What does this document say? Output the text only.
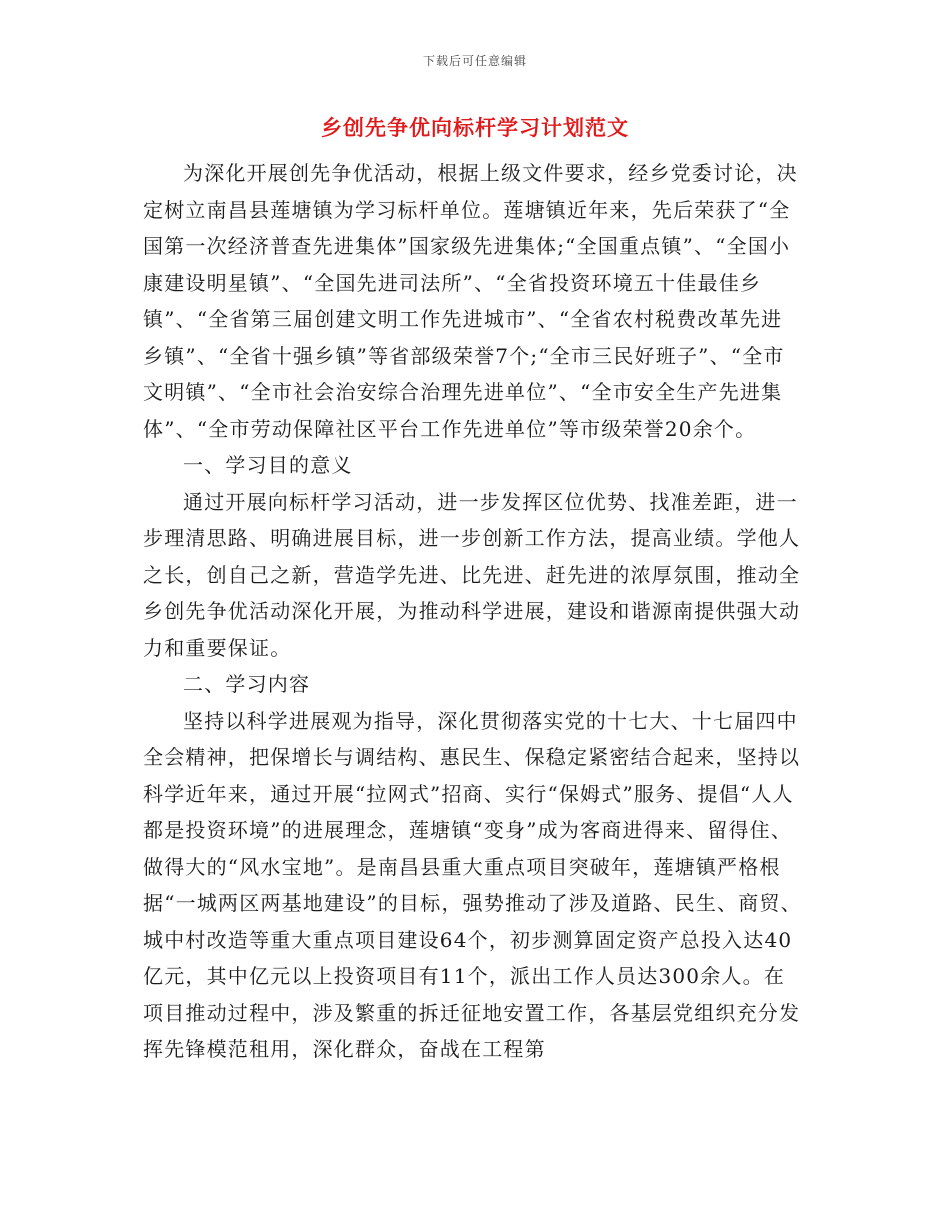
下载后可任意编辑
乡创先争优向标杆学习计划范文

为深化开展创先争优活动，根据上级文件要求，经乡党委讨论，决定树立南昌县莲塘镇为学习标杆单位。莲塘镇近年来，先后荣获了“全国第一次经济普查先进集体”国家级先进集体;“全国重点镇”、“全国小康建设明星镇”、“全国先进司法所”、“全省投资环境五十佳最佳乡镇”、“全省第三届创建文明工作先进城市”、“全省农村税费改革先进乡镇”、“全省十强乡镇”等省部级荣誉7个;“全市三民好班子”、“全市文明镇”、“全市社会治安综合治理先进单位”、“全市安全生产先进集体”、“全市劳动保障社区平台工作先进单位”等市级荣誉20余个。

一、学习目的意义

通过开展向标杆学习活动，进一步发挥区位优势、找准差距，进一步理清思路、明确进展目标，进一步创新工作方法，提高业绩。学他人之长，创自己之新，营造学先进、比先进、赶先进的浓厚氛围，推动全乡创先争优活动深化开展，为推动科学进展，建设和谐源南提供强大动力和重要保证。

二、学习内容

坚持以科学进展观为指导，深化贯彻落实党的十七大、十七届四中全会精神，把保增长与调结构、惠民生、保稳定紧密结合起来，坚持以科学近年来，通过开展“拉网式”招商、实行“保姆式”服务、提倡“人人都是投资环境”的进展理念，莲塘镇“变身”成为客商进得来、留得住、做得大的“风水宝地”。是南昌县重大重点项目突破年，莲塘镇严格根据“一城两区两基地建设”的目标，强势推动了涉及道路、民生、商贸、城中村改造等重大重点项目建设64个，初步测算固定资产总投入达40亿元，其中亿元以上投资项目有11个，派出工作人员达300余人。在项目推动过程中，涉及繁重的拆迁征地安置工作，各基层党组织充分发挥先锋模范租用，深化群众，奋战在工程第
